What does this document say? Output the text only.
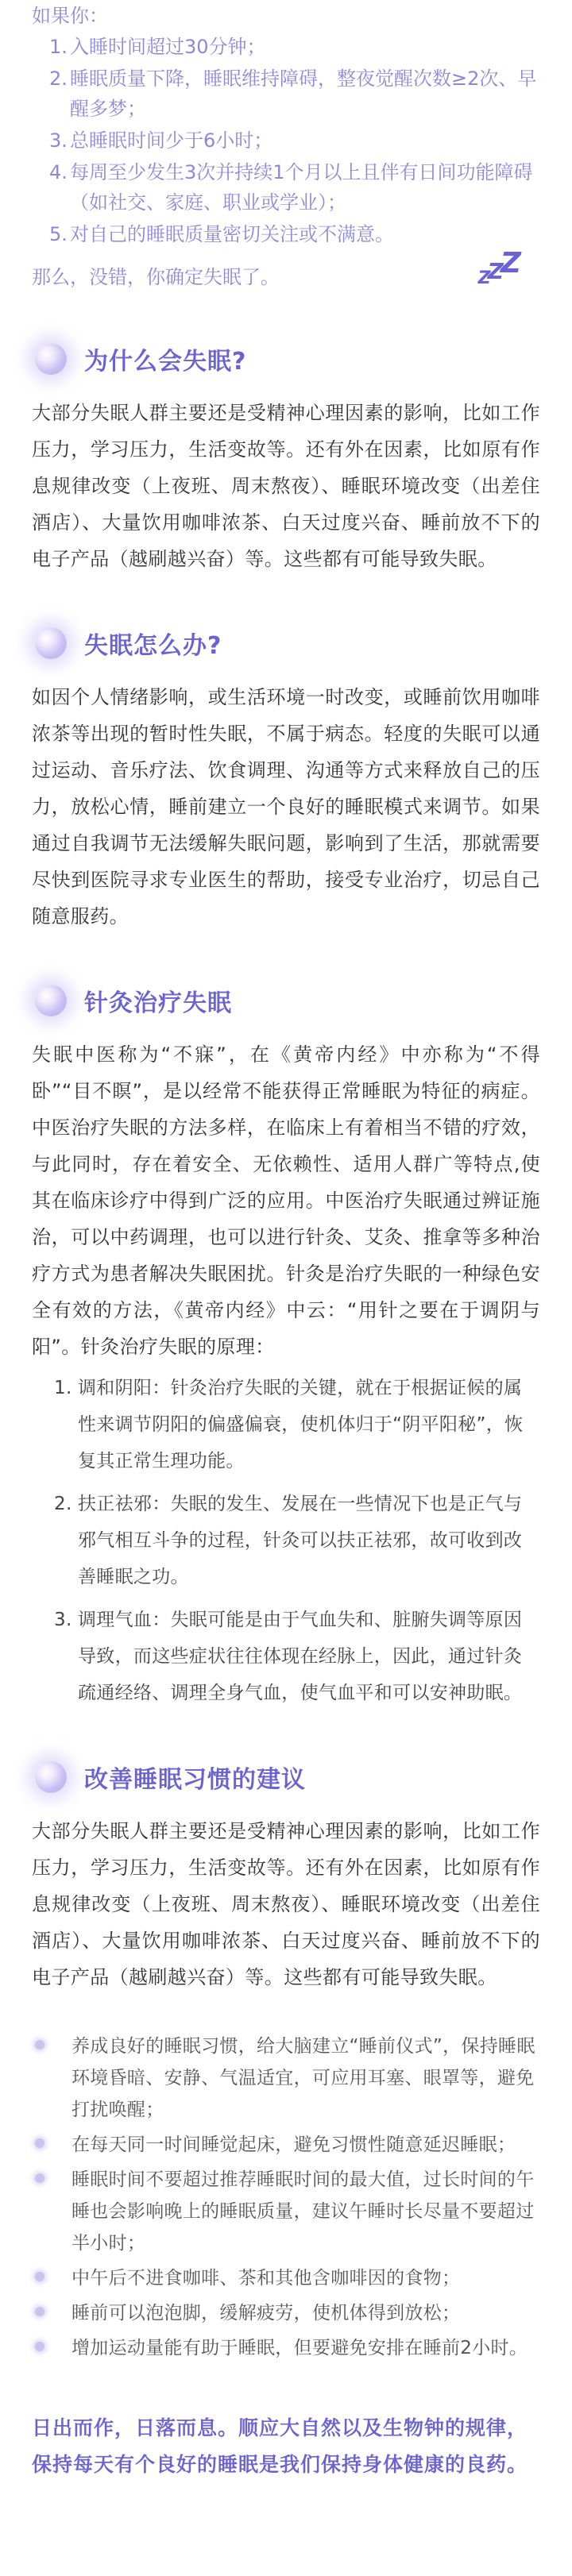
如果你：

入睡时间超过30分钟；
睡眠质量下降，睡眠维持障碍，整夜觉醒次数≥2次、早醒多梦；
总睡眠时间少于6小时；
每周至少发生3次并持续1个月以上且伴有日间功能障碍（如社交、家庭、职业或学业）；
对自己的睡眠质量密切关注或不满意。
那么，没错，你确定失眠了。	ZZZ
为什么会失眠?

大部分失眠人群主要还是受精神心理因素的影响，比如工作压力，学习压力，生活变故等。还有外在因素，比如原有作息规律改变（上夜班、周末熬夜）、睡眠环境改变（出差住酒店）、大量饮用咖啡浓茶、白天过度兴奋、睡前放不下的电子产品（越刷越兴奋）等。这些都有可能导致失眠。

失眠怎么办?

如因个人情绪影响，或生活环境一时改变，或睡前饮用咖啡浓茶等出现的暂时性失眠，不属于病态。轻度的失眠可以通过运动、音乐疗法、饮食调理、沟通等方式来释放自己的压力，放松心情，睡前建立一个良好的睡眠模式来调节。如果通过自我调节无法缓解失眠问题，影响到了生活，那就需要尽快到医院寻求专业医生的帮助，接受专业治疗，切忌自己随意服药。

针灸治疗失眠

失眠中医称为“不寐”，在《黄帝内经》中亦称为“不得卧”“目不瞑”，是以经常不能获得正常睡眠为特征的病症。中医治疗失眠的方法多样，在临床上有着相当不错的疗效，与此同时，存在着安全、无依赖性、适用人群广等特点,使其在临床诊疗中得到广泛的应用。中医治疗失眠通过辨证施治，可以中药调理，也可以进行针灸、艾灸、推拿等多种治疗方式为患者解决失眠困扰。针灸是治疗失眠的一种绿色安全有效的方法，《黄帝内经》中云：“用针之要在于调阴与阳”。针灸治疗失眠的原理：

调和阴阳：针灸治疗失眠的关键，就在于根据证候的属性来调节阴阳的偏盛偏衰，使机体归于“阴平阳秘”，恢复其正常生理功能。
扶正祛邪：失眠的发生、发展在一些情况下也是正气与邪气相互斗争的过程，针灸可以扶正祛邪，故可收到改善睡眠之功。
调理气血：失眠可能是由于气血失和、脏腑失调等原因导致，而这些症状往往体现在经脉上，因此，通过针灸疏通经络、调理全身气血，使气血平和可以安神助眠。
改善睡眠习惯的建议

大部分失眠人群主要还是受精神心理因素的影响，比如工作压力，学习压力，生活变故等。还有外在因素，比如原有作息规律改变（上夜班、周末熬夜）、睡眠环境改变（出差住酒店）、大量饮用咖啡浓茶、白天过度兴奋、睡前放不下的电子产品（越刷越兴奋）等。这些都有可能导致失眠。

养成良好的睡眠习惯，给大脑建立“睡前仪式”，保持睡眠环境昏暗、安静、气温适宜，可应用耳塞、眼罩等，避免打扰唤醒；
在每天同一时间睡觉起床，避免习惯性随意延迟睡眠；
睡眠时间不要超过推荐睡眠时间的最大值，过长时间的午睡也会影响晚上的睡眠质量，建议午睡时长尽量不要超过半小时；
中午后不进食咖啡、茶和其他含咖啡因的食物；
睡前可以泡泡脚，缓解疲劳，使机体得到放松；
增加运动量能有助于睡眠，但要避免安排在睡前2小时。

日出而作，日落而息。顺应大自然以及生物钟的规律，

保持每天有个良好的睡眠是我们保持身体健康的良药。
